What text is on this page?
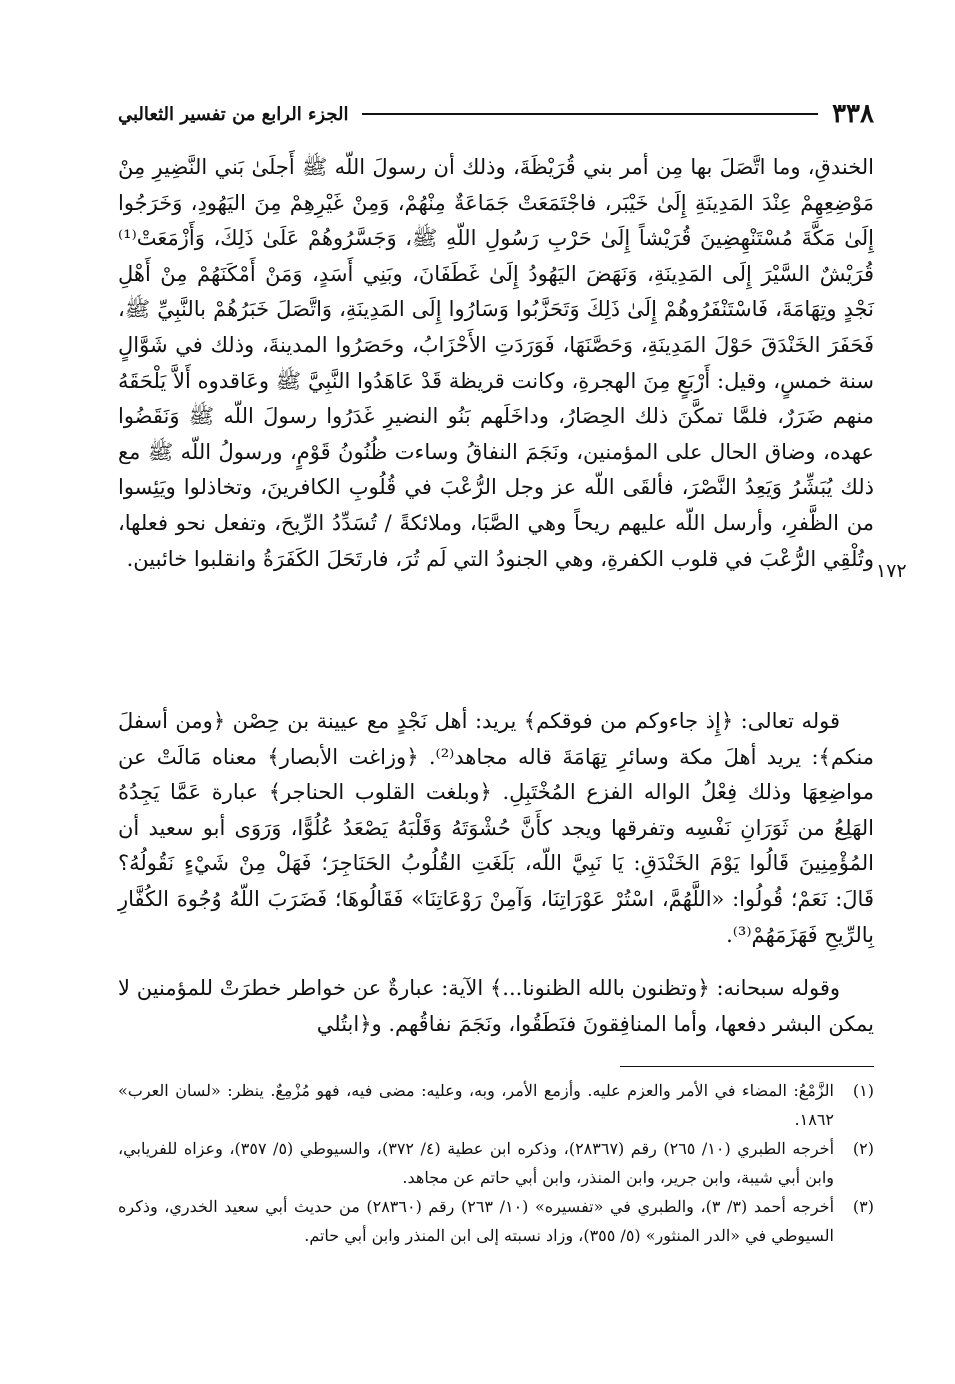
٣٣٨
الجزء الرابع من تفسير الثعالبي
١٧٢

الخندقِ، وما اتَّصَلَ بها مِن أمر بني قُرَيْظَةَ، وذلك أن رسولَ اللّه ﷺ أَجلَىٰ بَني النَّضِيرِ مِنْ مَوْضِعِهِمْ عِنْدَ المَدِينَةِ إِلَىٰ خَيْبَر، فاجْتَمَعَتْ جَمَاعَةٌ مِنْهُمْ، وَمِنْ غَيْرِهِمْ مِنَ اليَهُودِ، وَخَرَجُوا إِلَىٰ مَكَّةَ مُسْتَنْهِضِينَ قُرَيْشاً إِلَىٰ حَرْبِ رَسُولِ اللّهِ ﷺ، وَجَسَّرُوهُمْ عَلَىٰ ذَلِكَ، وَأَزْمَعَتْ⁽¹⁾ قُرَيْشٌ السَّيْرَ إِلَى المَدِينَةِ، وَنَهَضَ اليَهُودُ إِلَىٰ غَطَفَانَ، وبَنِي أَسَدٍ، وَمَنْ أَمْكَنَهُمْ مِنْ أَهْلِ نَجْدٍ وتِهَامَةَ، فَاسْتَنْفَرُوهُمْ إِلَىٰ ذَلِكَ وَتَحَزَّبُوا وَسَارُوا إِلَى المَدِينَةِ، وَاتَّصَلَ خَبَرُهُمْ بالنَّبِيِّ ﷺ، فَحَفَرَ الخَنْدَقَ حَوْلَ المَدِينَةِ، وَحَصَّنَهَا، فَوَرَدَتِ الأَحْزَابُ، وحَصَرُوا المدينةَ، وذلك في شَوَّالٍ سنة خمسٍ، وقيل: أَرْبَعٍ مِنَ الهجرةِ، وكانت قريظة قَدْ عَاهَدُوا النَّبِيَّ ﷺ وعَاقدوه أَلاَّ يَلْحَقَهُ منهم ضَرَرٌ، فلمَّا تمكَّنَ ذلك الحِصَارُ، وداخَلَهم بَنُو النضيرِ غَدَرُوا رسولَ اللّه ﷺ وَنَقَضُوا عهده، وضاق الحال على المؤمنين، ونَجَمَ النفاقُ وساءت ظُنُونُ قَوْمٍ، ورسولُ اللّه ﷺ مع ذلك يُبَشِّرُ وَيَعِدُ النَّصْرَ، فألقَى اللّه عز وجل الرُّعْبَ في قُلُوبِ الكافرينَ، وتخاذلوا ويَئِسوا من الظَّفرِ، وأرسل اللّه عليهم ريحاً وهي الصَّبَا، وملائكةً / تُسَدِّدُ الرِّيحَ، وتفعل نحو فعلها، وتُلْقِي الرُّعْبَ في قلوب الكفرةِ، وهي الجنودُ التي لَم تُرَ، فارتَحَلَ الكَفَرَةُ وانقلبوا خائبين.

قوله تعالى: ﴿إِذ جاءوكم من فوقكم﴾ يريد: أهل نَجْدٍ مع عيينة بن حِصْن ﴿ومن أسفلَ منكم﴾: يريد أهلَ مكة وسائرِ تِهَامَةَ قاله مجاهد⁽²⁾. ﴿وزاغت الأبصار﴾ معناه مَالَتْ عن مواضِعِهَا وذلك فِعْلُ الواله الفزع المُخْتَبِلِ. ﴿وبلغت القلوب الحناجر﴾ عبارة عَمَّا يَجِدُهُ الهَلِعُ من ثَوَرَانِ نَفْسِه وتفرقها ويجد كأَنَّ حُشْوَتَهُ وَقَلْبَهُ يَصْعَدُ عُلُوًّا، وَرَوَى أبو سعيد أن المُؤْمِنِينَ قَالُوا يَوْمَ الخَنْدَقِ: يَا نَبِيَّ اللّه، بَلَغَتِ القُلُوبُ الحَنَاجِرَ؛ فَهَلْ مِنْ شَيْءٍ نَقُولُهُ؟ قَالَ: نَعَمْ؛ قُولُوا: «اللَّهُمَّ، اسْتُرْ عَوْرَاتِنَا، وَآمِنْ رَوْعَاتِنَا» فَقَالُوهَا؛ فَضَرَبَ اللّهُ وُجُوهَ الكُفَّارِ بِالرِّيحِ فَهَزَمَهُمْ⁽³⁾.

وقوله سبحانه: ﴿وتظنون بالله الظنونا...﴾ الآية: عبارةٌ عن خواطر خطرَتْ للمؤمنين لا يمكن البشر دفعها، وأما المنافِقونَ فنَطَقُوا، ونَجَمَ نفاقُهم. و﴿ابتُلي

(١)
الزَّمْعُ: المضاء في الأمر والعزم عليه. وأزمع الأمر، وبه، وعليه: مضى فيه، فهو مُزْمِعٌ. ينظر: «لسان العرب» ١٨٦٢.
(٢)
أخرجه الطبري (١٠/ ٢٦٥) رقم (٢٨٣٦٧)، وذكره ابن عطية (٤/ ٣٧٢)، والسيوطي (٥/ ٣٥٧)، وعزاه للفريابي، وابن أبي شيبة، وابن جرير، وابن المنذر، وابن أبي حاتم عن مجاهد.
(٣)
أخرجه أحمد (٣/ ٣)، والطبري في «تفسيره» (١٠/ ٢٦٣) رقم (٢٨٣٦٠) من حديث أبي سعيد الخدري، وذكره السيوطي في «الدر المنثور» (٥/ ٣٥٥)، وزاد نسبته إلى ابن المنذر وابن أبي حاتم.
